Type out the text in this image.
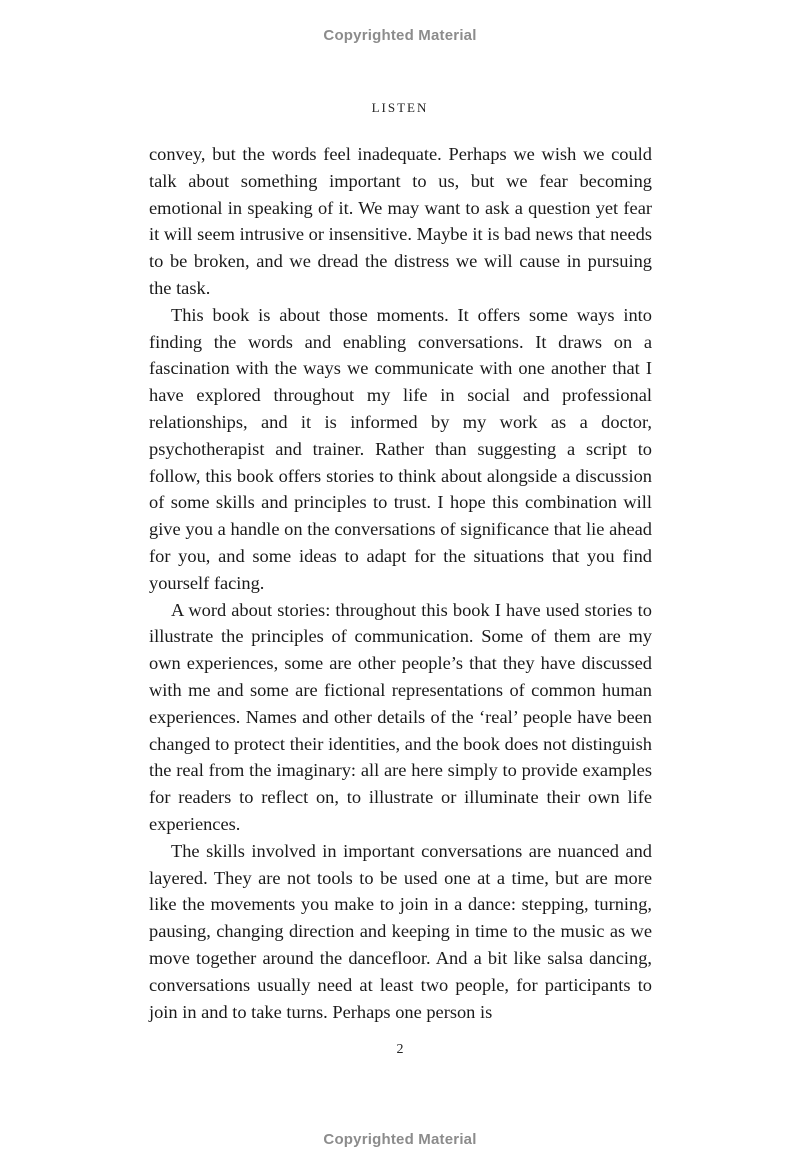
Copyrighted Material
LISTEN

convey, but the words feel inadequate. Perhaps we wish we could talk about something important to us, but we fear becoming emotional in speaking of it. We may want to ask a question yet fear it will seem intrusive or insensitive. Maybe it is bad news that needs to be broken, and we dread the distress we will cause in pursuing the task.

This book is about those moments. It offers some ways into finding the words and enabling conversations. It draws on a fascination with the ways we communicate with one another that I have explored throughout my life in social and professional relationships, and it is informed by my work as a doctor, psychotherapist and trainer. Rather than suggesting a script to follow, this book offers stories to think about alongside a discussion of some skills and principles to trust. I hope this combination will give you a handle on the conversations of significance that lie ahead for you, and some ideas to adapt for the situations that you find yourself facing.

A word about stories: throughout this book I have used stories to illustrate the principles of communication. Some of them are my own experiences, some are other people’s that they have discussed with me and some are fictional representations of common human experiences. Names and other details of the ‘real’ people have been changed to protect their identities, and the book does not distinguish the real from the imaginary: all are here simply to provide examples for readers to reflect on, to illustrate or illuminate their own life experiences.

The skills involved in important conversations are nuanced and layered. They are not tools to be used one at a time, but are more like the movements you make to join in a dance: stepping, turning, pausing, changing direction and keeping in time to the music as we move together around the dancefloor. And a bit like salsa dancing, conversations usually need at least two people, for participants to join in and to take turns. Perhaps one person is

2
Copyrighted Material
